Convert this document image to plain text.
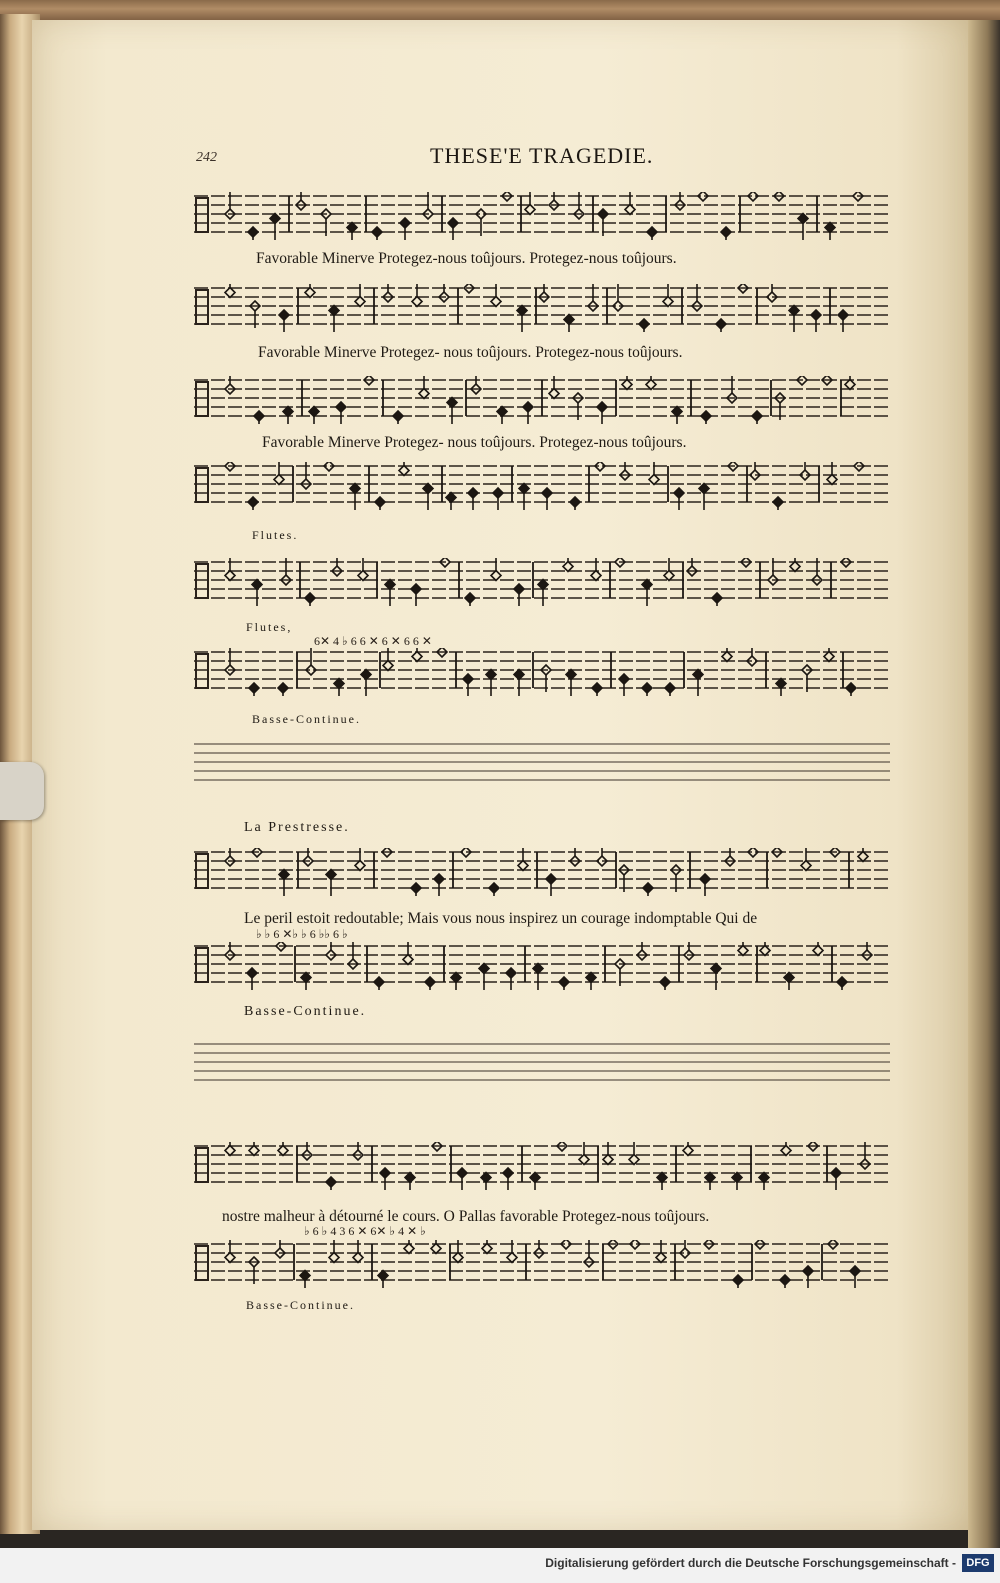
242	THESE'E TRAGEDIE.
Favorable Minerve Protegez-nous toûjours. Protegez-nous toûjours.
Favorable Minerve Protegez- nous toûjours. Protegez-nous toûjours.
Favorable Minerve Protegez- nous toûjours. Protegez-nous toûjours.
Flutes.
Flutes,
6✕ 4 ♭ 6 6 ✕ 6 ✕ 6 6 ✕
Basse-Continue.
La Prestresse.
Le peril estoit redoutable; Mais vous nous inspirez un courage indomptable Qui de
♭ ♭ 6 ✕♭ ♭ 6 ♭♭ 6 ♭
Basse-Continue.
nostre malheur à détourné le cours. O Pallas favorable Protegez-nous toûjours.
♭ 6 ♭ 4 3 6 ✕ 6✕ ♭ 4 ✕ ♭
Basse-Continue.
Digitalisierung gefördert durch die Deutsche Forschungsgemeinschaft - DFG
